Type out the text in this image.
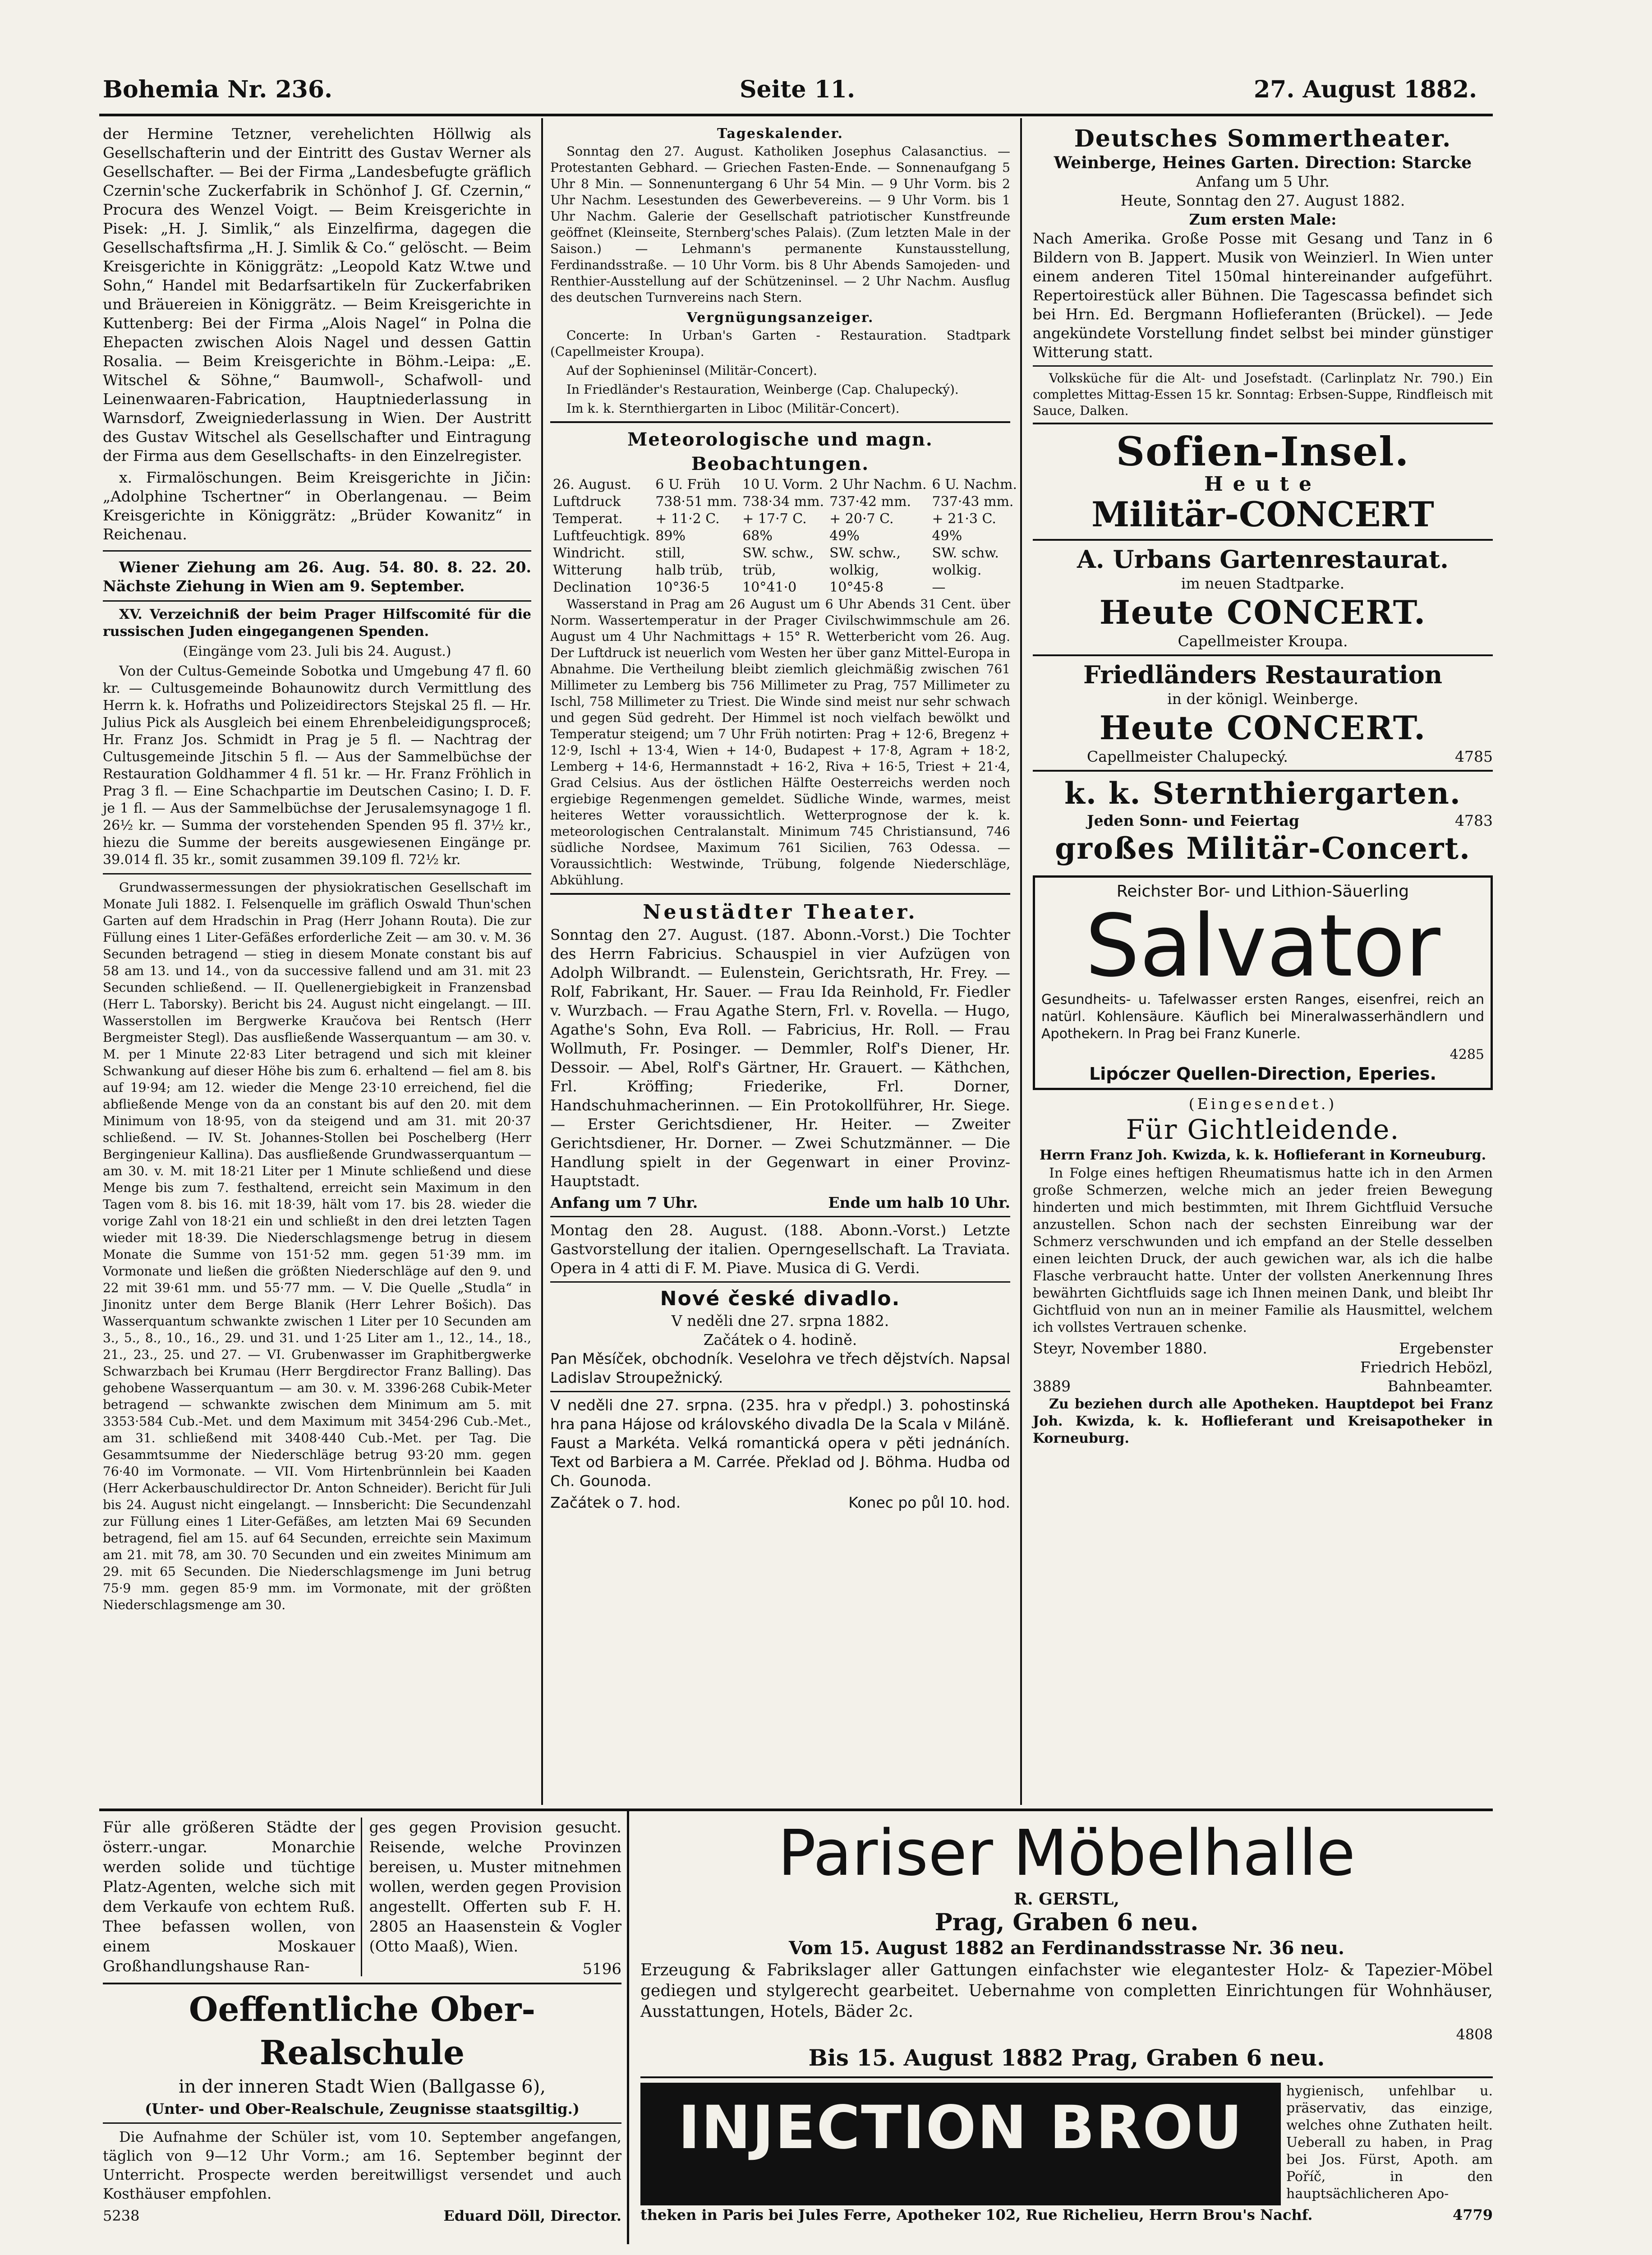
Bohemia Nr. 236.	Seite 11.	27. August 1882.

der Hermine Tetzner, verehelichten Höllwig als Gesellschafterin und der Eintritt des Gustav Werner als Gesellschafter. — Bei der Firma „Landesbefugte gräflich Czernin'sche Zuckerfabrik in Schönhof J. Gf. Czernin,“ Procura des Wenzel Voigt. — Beim Kreisgerichte in Pisek: „H. J. Simlik,“ als Einzelfirma, dagegen die Gesellschaftsfirma „H. J. Simlik & Co.“ gelöscht. — Beim Kreisgerichte in Königgrätz: „Leopold Katz W.twe und Sohn,“ Handel mit Bedarfsartikeln für Zuckerfabriken und Bräuereien in Königgrätz. — Beim Kreisgerichte in Kuttenberg: Bei der Firma „Alois Nagel“ in Polna die Ehepacten zwischen Alois Nagel und dessen Gattin Rosalia. — Beim Kreisgerichte in Böhm.-Leipa: „E. Witschel & Söhne,“ Baumwoll-, Schafwoll- und Leinenwaaren-Fabrication, Hauptniederlassung in Warnsdorf, Zweigniederlassung in Wien. Der Austritt des Gustav Witschel als Gesellschafter und Eintragung der Firma aus dem Gesellschafts- in den Einzelregister.

x. Firmalöschungen. Beim Kreisgerichte in Jičin: „Adolphine Tschertner“ in Oberlangenau. — Beim Kreisgerichte in Königgrätz: „Brüder Kowanitz“ in Reichenau.

Wiener Ziehung am 26. Aug. 54. 80. 8. 22. 20. Nächste Ziehung in Wien am 9. September.

XV. Verzeichniß der beim Prager Hilfscomité für die russischen Juden eingegangenen Spenden.

(Eingänge vom 23. Juli bis 24. August.)

Von der Cultus-Gemeinde Sobotka und Umgebung 47 fl. 60 kr. — Cultusgemeinde Bohaunowitz durch Vermittlung des Herrn k. k. Hofraths und Polizeidirectors Stejskal 25 fl. — Hr. Julius Pick als Ausgleich bei einem Ehrenbeleidigungsproceß; Hr. Franz Jos. Schmidt in Prag je 5 fl. — Nachtrag der Cultusgemeinde Jitschin 5 fl. — Aus der Sammelbüchse der Restauration Goldhammer 4 fl. 51 kr. — Hr. Franz Fröhlich in Prag 3 fl. — Eine Schachpartie im Deutschen Casino; I. D. F. je 1 fl. — Aus der Sammelbüchse der Jerusalemsynagoge 1 fl. 26½ kr. — Summa der vorstehenden Spenden 95 fl. 37½ kr., hiezu die Summe der bereits ausgewiesenen Eingänge pr. 39.014 fl. 35 kr., somit zusammen 39.109 fl. 72½ kr.

Grundwassermessungen der physiokratischen Gesellschaft im Monate Juli 1882. I. Felsenquelle im gräflich Oswald Thun'schen Garten auf dem Hradschin in Prag (Herr Johann Routa). Die zur Füllung eines 1 Liter-Gefäßes erforderliche Zeit — am 30. v. M. 36 Secunden betragend — stieg in diesem Monate constant bis auf 58 am 13. und 14., von da successive fallend und am 31. mit 23 Secunden schließend. — II. Quellenergiebigkeit in Franzensbad (Herr L. Taborsky). Bericht bis 24. August nicht eingelangt. — III. Wasserstollen im Bergwerke Kraučova bei Rentsch (Herr Bergmeister Stegl). Das ausfließende Wasserquantum — am 30. v. M. per 1 Minute 22·83 Liter betragend und sich mit kleiner Schwankung auf dieser Höhe bis zum 6. erhaltend — fiel am 8. bis auf 19·94; am 12. wieder die Menge 23·10 erreichend, fiel die abfließende Menge von da an constant bis auf den 20. mit dem Minimum von 18·95, von da steigend und am 31. mit 20·37 schließend. — IV. St. Johannes-Stollen bei Poschelberg (Herr Bergingenieur Kallina). Das ausfließende Grundwasserquantum — am 30. v. M. mit 18·21 Liter per 1 Minute schließend und diese Menge bis zum 7. festhaltend, erreicht sein Maximum in den Tagen vom 8. bis 16. mit 18·39, hält vom 17. bis 28. wieder die vorige Zahl von 18·21 ein und schließt in den drei letzten Tagen wieder mit 18·39. Die Niederschlagsmenge betrug in diesem Monate die Summe von 151·52 mm. gegen 51·39 mm. im Vormonate und ließen die größten Niederschläge auf den 9. und 22 mit 39·61 mm. und 55·77 mm. — V. Die Quelle „Studla“ in Jinonitz unter dem Berge Blanik (Herr Lehrer Bošich). Das Wasserquantum schwankte zwischen 1 Liter per 10 Secunden am 3., 5., 8., 10., 16., 29. und 31. und 1·25 Liter am 1., 12., 14., 18., 21., 23., 25. und 27. — VI. Grubenwasser im Graphitbergwerke Schwarzbach bei Krumau (Herr Bergdirector Franz Balling). Das gehobene Wasserquantum — am 30. v. M. 3396·268 Cubik-Meter betragend — schwankte zwischen dem Minimum am 5. mit 3353·584 Cub.-Met. und dem Maximum mit 3454·296 Cub.-Met., am 31. schließend mit 3408·440 Cub.-Met. per Tag. Die Gesammtsumme der Niederschläge betrug 93·20 mm. gegen 76·40 im Vormonate. — VII. Vom Hirtenbrünnlein bei Kaaden (Herr Ackerbauschuldirector Dr. Anton Schneider). Bericht für Juli bis 24. August nicht eingelangt. — Innsbericht: Die Secundenzahl zur Füllung eines 1 Liter-Gefäßes, am letzten Mai 69 Secunden betragend, fiel am 15. auf 64 Secunden, erreichte sein Maximum am 21. mit 78, am 30. 70 Secunden und ein zweites Minimum am 29. mit 65 Secunden. Die Niederschlagsmenge im Juni betrug 75·9 mm. gegen 85·9 mm. im Vormonate, mit der größten Niederschlagsmenge am 30.

Tageskalender.

Sonntag den 27. August. Katholiken Josephus Calasanctius. — Protestanten Gebhard. — Griechen Fasten-Ende. — Sonnenaufgang 5 Uhr 8 Min. — Sonnenuntergang 6 Uhr 54 Min. — 9 Uhr Vorm. bis 2 Uhr Nachm. Lesestunden des Gewerbevereins. — 9 Uhr Vorm. bis 1 Uhr Nachm. Galerie der Gesellschaft patriotischer Kunstfreunde geöffnet (Kleinseite, Sternberg'sches Palais). (Zum letzten Male in der Saison.) — Lehmann's permanente Kunstausstellung, Ferdinandsstraße. — 10 Uhr Vorm. bis 8 Uhr Abends Samojeden- und Renthier-Ausstellung auf der Schützeninsel. — 2 Uhr Nachm. Ausflug des deutschen Turnvereins nach Stern.

Vergnügungsanzeiger.

Concerte: In Urban's Garten - Restauration. Stadtpark (Capellmeister Kroupa).

Auf der Sophieninsel (Militär-Concert).

In Friedländer's Restauration, Weinberge (Cap. Chalupecký).

Im k. k. Sternthiergarten in Liboc (Militär-Concert).

Meteorologische und magn. Beobachtungen.
26. August.	6 U. Früh	10 U. Vorm.	2 Uhr Nachm.	6 U. Nachm.
Luftdruck	738·51 mm.	738·34 mm.	737·42 mm.	737·43 mm.
Temperat.	+ 11·2 C.	+ 17·7 C.	+ 20·7 C.	+ 21·3 C.
Luftfeuchtigk.	89%	68%	49%	49%
Windricht.	still,	SW. schw.,	SW. schw.,	SW. schw.
Witterung	halb trüb,	trüb,	wolkig,	wolkig.
Declination	10°36·5	10°41·0	10°45·8	—

Wasserstand in Prag am 26 August um 6 Uhr Abends 31 Cent. über Norm. Wassertemperatur in der Prager Civilschwimmschule am 26. August um 4 Uhr Nachmittags + 15° R. Wetterbericht vom 26. Aug. Der Luftdruck ist neuerlich vom Westen her über ganz Mittel-Europa in Abnahme. Die Vertheilung bleibt ziemlich gleichmäßig zwischen 761 Millimeter zu Lemberg bis 756 Millimeter zu Prag, 757 Millimeter zu Ischl, 758 Millimeter zu Triest. Die Winde sind meist nur sehr schwach und gegen Süd gedreht. Der Himmel ist noch vielfach bewölkt und Temperatur steigend; um 7 Uhr Früh notirten: Prag + 12·6, Bregenz + 12·9, Ischl + 13·4, Wien + 14·0, Budapest + 17·8, Agram + 18·2, Lemberg + 14·6, Hermannstadt + 16·2, Riva + 16·5, Triest + 21·4, Grad Celsius. Aus der östlichen Hälfte Oesterreichs werden noch ergiebige Regenmengen gemeldet. Südliche Winde, warmes, meist heiteres Wetter voraussichtlich. Wetterprognose der k. k. meteorologischen Centralanstalt. Minimum 745 Christiansund, 746 südliche Nordsee, Maximum 761 Sicilien, 763 Odessa. — Voraussichtlich: Westwinde, Trübung, folgende Niederschläge, Abkühlung.

Neustädter Theater.

Sonntag den 27. August. (187. Abonn.-Vorst.) Die Tochter des Herrn Fabricius. Schauspiel in vier Aufzügen von Adolph Wilbrandt. — Eulenstein, Gerichtsrath, Hr. Frey. — Rolf, Fabrikant, Hr. Sauer. — Frau Ida Reinhold, Fr. Fiedler v. Wurzbach. — Frau Agathe Stern, Frl. v. Rovella. — Hugo, Agathe's Sohn, Eva Roll. — Fabricius, Hr. Roll. — Frau Wollmuth, Fr. Posinger. — Demmler, Rolf's Diener, Hr. Dessoir. — Abel, Rolf's Gärtner, Hr. Grauert. — Käthchen, Frl. Kröffing; Friederike, Frl. Dorner, Handschuhmacherinnen. — Ein Protokollführer, Hr. Siege. — Erster Gerichtsdiener, Hr. Heiter. — Zweiter Gerichtsdiener, Hr. Dorner. — Zwei Schutzmänner. — Die Handlung spielt in der Gegenwart in einer Provinz-Hauptstadt.

Anfang um 7 Uhr.	Ende um halb 10 Uhr.

Montag den 28. August. (188. Abonn.-Vorst.) Letzte Gastvorstellung der italien. Operngesellschaft. La Traviata. Opera in 4 atti di F. M. Piave. Musica di G. Verdi.

Nové české divadlo.
V neděli dne 27. srpna 1882.
Začátek o 4. hodině.

Pan Měsíček, obchodník. Veselohra ve třech dějstvích. Napsal Ladislav Stroupežnický.

V neděli dne 27. srpna. (235. hra v předpl.) 3. pohostinská hra pana Hájose od královského divadla De la Scala v Miláně. Faust a Markéta. Velká romantická opera v pěti jednáních. Text od Barbiera a M. Carrée. Překlad od J. Böhma. Hudba od Ch. Gounoda.

Začátek o 7. hod.	Konec po půl 10. hod.
Deutsches Sommertheater.
Weinberge, Heines Garten. Direction: Starcke
Anfang um 5 Uhr.
Heute, Sonntag den 27. August 1882.
Zum ersten Male:

Nach Amerika. Große Posse mit Gesang und Tanz in 6 Bildern von B. Jappert. Musik von Weinzierl. In Wien unter einem anderen Titel 150mal hintereinander aufgeführt. Repertoirestück aller Bühnen. Die Tagescassa befindet sich bei Hrn. Ed. Bergmann Hoflieferanten (Brückel). — Jede angekündete Vorstellung findet selbst bei minder günstiger Witterung statt.

Volksküche für die Alt- und Josefstadt. (Carlinplatz Nr. 790.) Ein complettes Mittag-Essen 15 kr. Sonntag: Erbsen-Suppe, Rindfleisch mit Sauce, Dalken.

Sofien-Insel.
Heute
Militär-CONCERT
A. Urbans Gartenrestaurat.
im neuen Stadtparke.
Heute CONCERT.
Capellmeister Kroupa.
Friedländers Restauration
in der königl. Weinberge.
Heute CONCERT.
Capellmeister Chalupecký.	4785
k. k. Sternthiergarten.
Jeden Sonn- und Feiertag	4783
großes Militär-Concert.
Reichster Bor- und Lithion-Säuerling
Salvator

Gesundheits- u. Tafelwasser ersten Ranges, eisenfrei, reich an natürl. Kohlensäure. Käuflich bei Mineralwasserhändlern und Apothekern. In Prag bei Franz Kunerle.

4285
Lipóczer Quellen-Direction, Eperies.
(Eingesendet.)
Für Gichtleidende.
Herrn Franz Joh. Kwizda, k. k. Hoflieferant in Korneuburg.

In Folge eines heftigen Rheumatismus hatte ich in den Armen große Schmerzen, welche mich an jeder freien Bewegung hinderten und mich bestimmten, mit Ihrem Gichtfluid Versuche anzustellen. Schon nach der sechsten Einreibung war der Schmerz verschwunden und ich empfand an der Stelle desselben einen leichten Druck, der auch gewichen war, als ich die halbe Flasche verbraucht hatte. Unter der vollsten Anerkennung Ihres bewährten Gichtfluids sage ich Ihnen meinen Dank, und bleibt Ihr Gichtfluid von nun an in meiner Familie als Hausmittel, welchem ich vollstes Vertrauen schenke.

Steyr, November 1880.	Ergebenster
Friedrich Hebözl,
3889	Bahnbeamter.

Zu beziehen durch alle Apotheken. Hauptdepot bei Franz Joh. Kwizda, k. k. Hoflieferant und Kreisapotheker in Korneuburg.

Für alle größeren Städte der österr.-ungar. Monarchie werden solide und tüchtige Platz-Agenten, welche sich mit dem Verkaufe von echtem Ruß. Thee befassen wollen, von einem Moskauer Großhandlungshause Ran-

ges gegen Provision gesucht. Reisende, welche Provinzen bereisen, u. Muster mitnehmen wollen, werden gegen Provision angestellt. Offerten sub F. H. 2805 an Haasenstein & Vogler (Otto Maaß), Wien.

5196
Oeffentliche Ober-Realschule
in der inneren Stadt Wien (Ballgasse 6),
(Unter- und Ober-Realschule, Zeugnisse staatsgiltig.)

Die Aufnahme der Schüler ist, vom 10. September angefangen, täglich von 9—12 Uhr Vorm.; am 16. September beginnt der Unterricht. Prospecte werden bereitwilligst versendet und auch Kosthäuser empfohlen.

5238	Eduard Döll, Director.
Pariser Möbelhalle
R. GERSTL,
Prag, Graben 6 neu.
Vom 15. August 1882 an Ferdinandsstrasse Nr. 36 neu.

Erzeugung & Fabrikslager aller Gattungen einfachster wie elegantester Holz- & Tapezier-Möbel gediegen und stylgerecht gearbeitet. Uebernahme von completten Einrichtungen für Wohnhäuser, Ausstattungen, Hotels, Bäder 2c.

4808
Bis 15. August 1882 Prag, Graben 6 neu.
INJECTION BROU

hygienisch, unfehlbar u. präservativ, das einzige, welches ohne Zuthaten heilt. Ueberall zu haben, in Prag bei Jos. Fürst, Apoth. am Poříč, in den hauptsächlicheren Apo-

theken in Paris bei Jules Ferre, Apotheker 102, Rue Richelieu, Herrn Brou's Nachf.	4779
